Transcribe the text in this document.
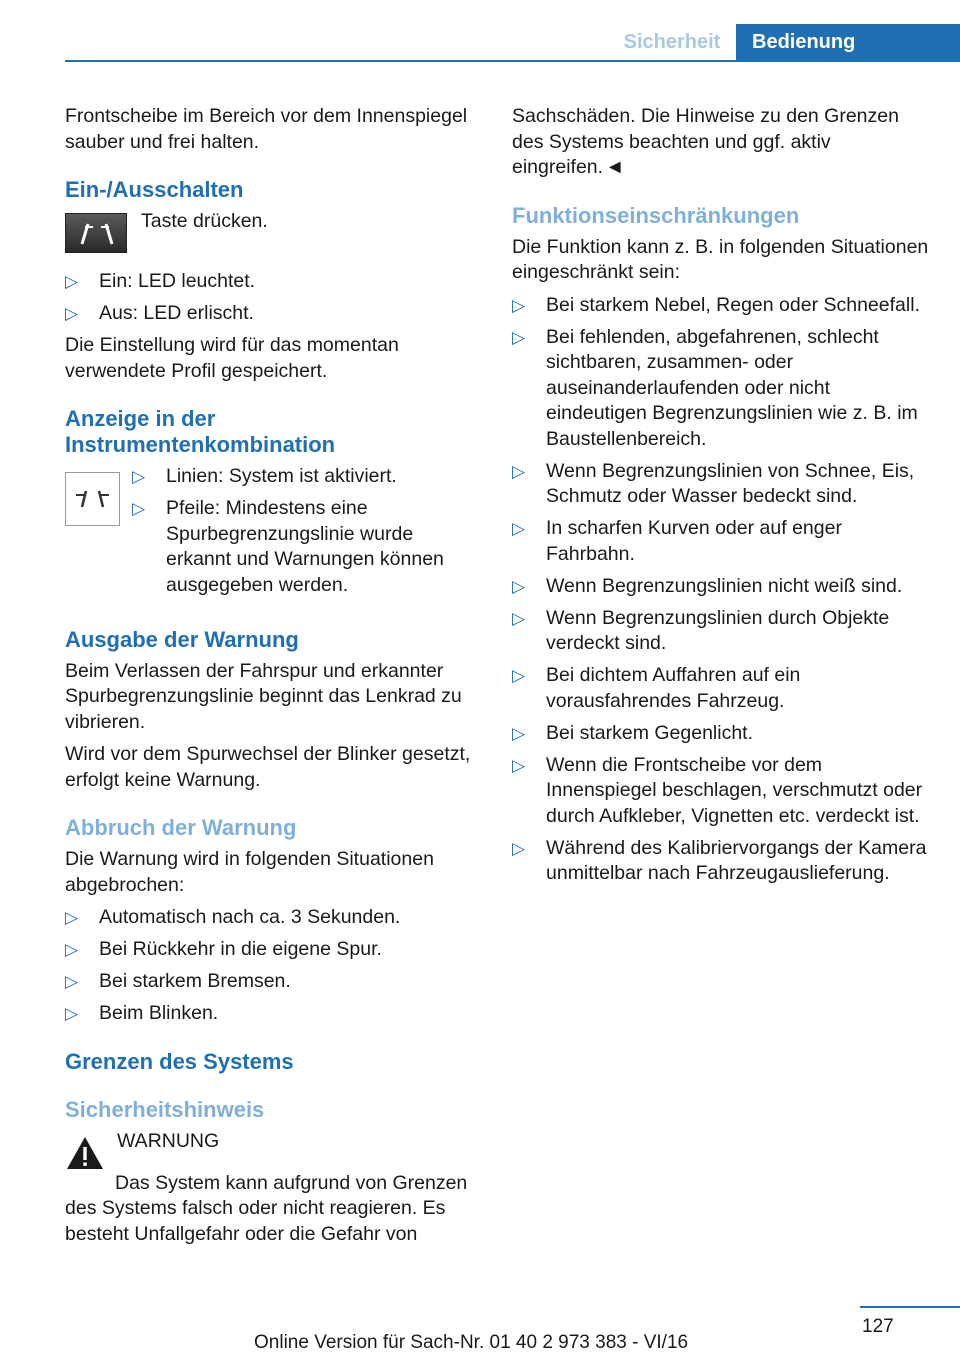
Sicherheit	Bedienung

Frontscheibe im Bereich vor dem Innenspiegel sauber und frei halten.

Ein-/Ausschalten
Taste drücken.
▷ Ein: LED leuchtet.
▷ Aus: LED erlischt.

Die Einstellung wird für das momentan verwendete Profil gespeichert.

Anzeige in der Instrumentenkombination
▷ Linien: System ist aktiviert.
▷ Pfeile: Mindestens eine Spurbegrenzungslinie wurde erkannt und Warnungen können ausgegeben werden.
Ausgabe der Warnung

Beim Verlassen der Fahrspur und erkannter Spurbegrenzungslinie beginnt das Lenkrad zu vibrieren.

Wird vor dem Spurwechsel der Blinker gesetzt, erfolgt keine Warnung.

Abbruch der Warnung

Die Warnung wird in folgenden Situationen abgebrochen:

▷ Automatisch nach ca. 3 Sekunden.
▷ Bei Rückkehr in die eigene Spur.
▷ Bei starkem Bremsen.
▷ Beim Blinken.
Grenzen des Systems
Sicherheitshinweis
WARNUNG

Das System kann aufgrund von Grenzen des Systems falsch oder nicht reagieren. Es besteht Unfallgefahr oder die Gefahr von

Sachschäden. Die Hinweise zu den Grenzen des Systems beachten und ggf. aktiv eingreifen. ◄

Funktionseinschränkungen

Die Funktion kann z. B. in folgenden Situationen eingeschränkt sein:

▷ Bei starkem Nebel, Regen oder Schneefall.
▷ Bei fehlenden, abgefahrenen, schlecht sichtbaren, zusammen- oder auseinanderlaufenden oder nicht eindeutigen Begrenzungslinien wie z. B. im Baustellenbereich.
▷ Wenn Begrenzungslinien von Schnee, Eis, Schmutz oder Wasser bedeckt sind.
▷ In scharfen Kurven oder auf enger Fahrbahn.
▷ Wenn Begrenzungslinien nicht weiß sind.
▷ Wenn Begrenzungslinien durch Objekte verdeckt sind.
▷ Bei dichtem Auffahren auf ein vorausfahrendes Fahrzeug.
▷ Bei starkem Gegenlicht.
▷ Wenn die Frontscheibe vor dem Innenspiegel beschlagen, verschmutzt oder durch Aufkleber, Vignetten etc. verdeckt ist.
▷ Während des Kalibriervorgangs der Kamera unmittelbar nach Fahrzeugauslieferung.
127
Online Version für Sach-Nr. 01 40 2 973 383 - VI/16
